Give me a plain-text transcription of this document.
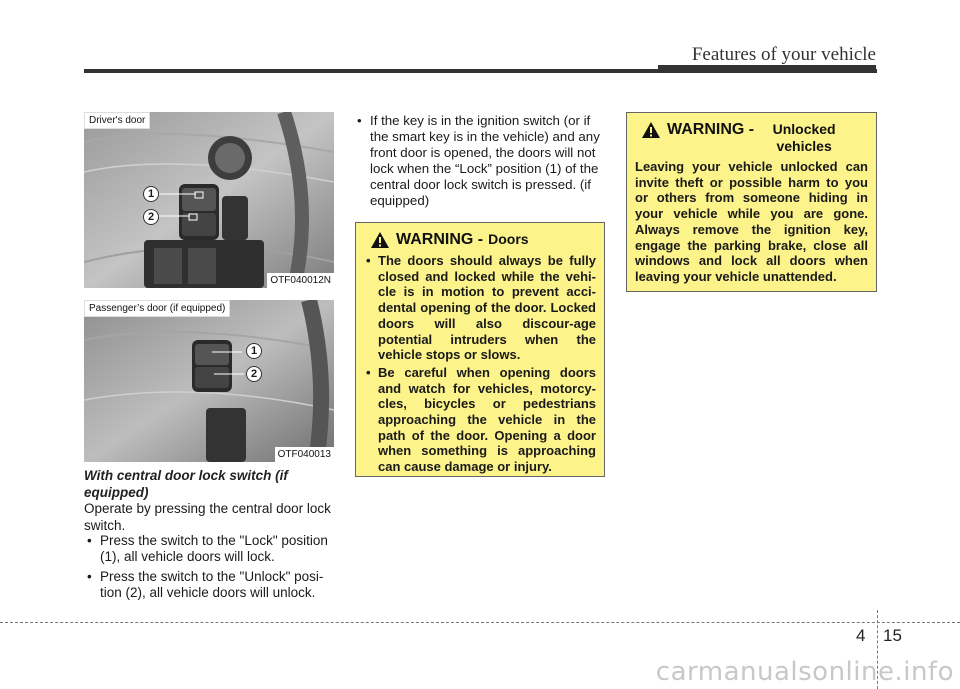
Features of your vehicle
Driver's door
OTF040012N
1
2
Passenger’s door (if equipped)
OTF040013
1
2
With central door lock switch (if equipped)
Operate by pressing the central door lock switch.
• Press the switch to the "Lock" position (1), all vehicle doors will lock.
• Press the switch to the "Unlock" posi-tion (2), all vehicle doors will unlock.
• If the key is in the ignition switch (or if the smart key is in the vehicle) and any front door is opened, the doors will not lock when the “Lock” position (1) of the central door lock switch is pressed. (if equipped)
WARNING - Doors
• The doors should always be fully closed and locked while the vehi-cle is in motion to prevent acci-dental opening of the door. Locked doors will also discour-age potential intruders when the vehicle stops or slows.
• Be careful when opening doors and watch for vehicles, motorcy-cles, bicycles or pedestrians approaching the vehicle in the path of the door. Opening a door when something is approaching can cause damage or injury.
WARNING -	Unlocked vehicles
Leaving your vehicle unlocked can invite theft or possible harm to you or others from someone hiding in your vehicle while you are gone. Always remove the ignition key, engage the parking brake, close all windows and lock all doors when leaving your vehicle unattended.
4 15
carmanualsonline.info
